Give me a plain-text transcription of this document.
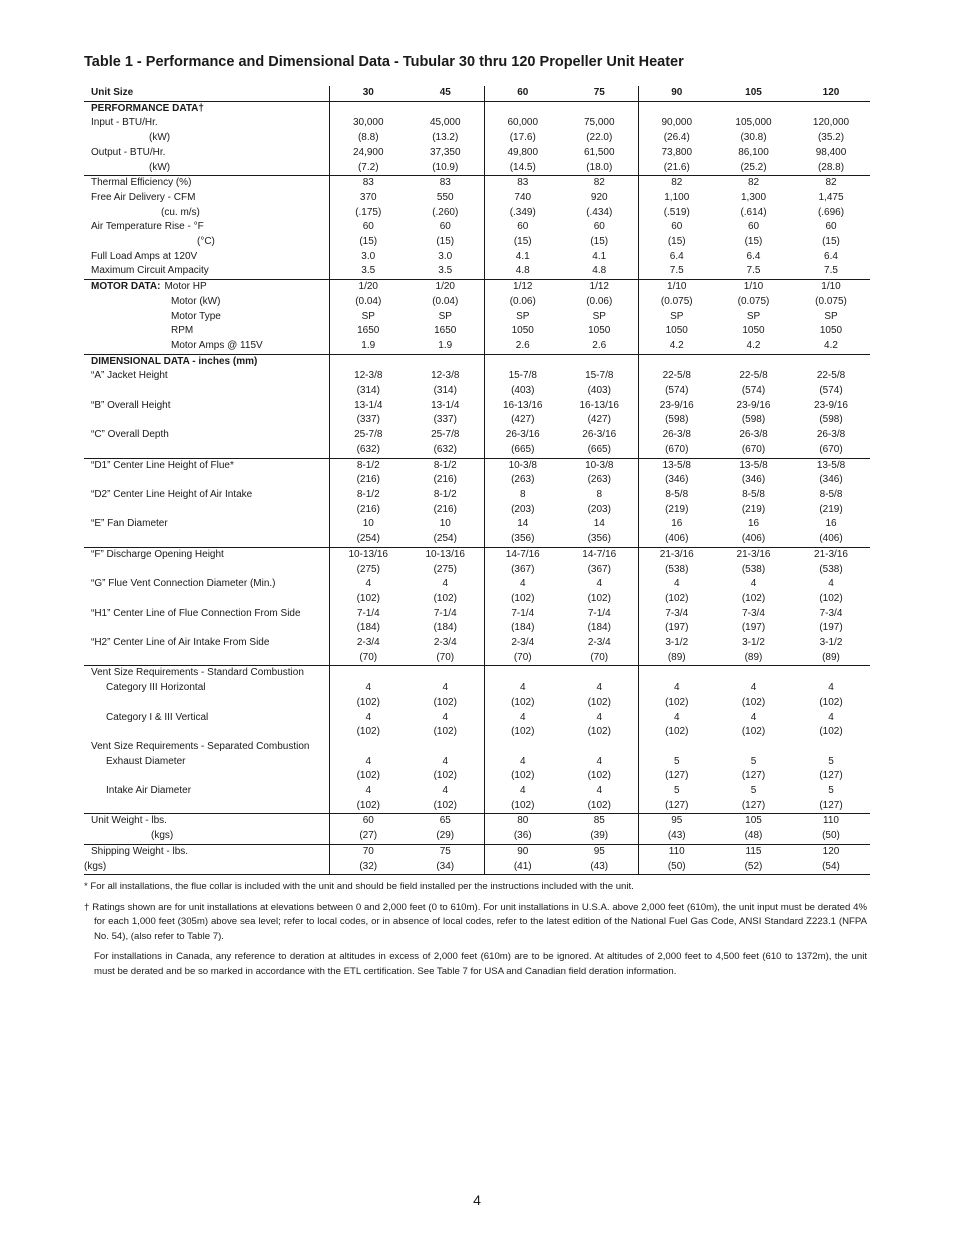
Table 1 - Performance and Dimensional Data - Tubular 30 thru 120 Propeller Unit Heater
Unit Size	30	45	60	75	90	105	120
PERFORMANCE DATA†							
Input - BTU/Hr.	30,000	45,000	60,000	75,000	90,000	105,000	120,000
(kW)	(8.8)	(13.2)	(17.6)	(22.0)	(26.4)	(30.8)	(35.2)
Output - BTU/Hr.	24,900	37,350	49,800	61,500	73,800	86,100	98,400
(kW)	(7.2)	(10.9)	(14.5)	(18.0)	(21.6)	(25.2)	(28.8)
Thermal Efficiency (%)	83	83	83	82	82	82	82
Free Air Delivery - CFM	370	550	740	920	1,100	1,300	1,475
(cu. m/s)	(.175)	(.260)	(.349)	(.434)	(.519)	(.614)	(.696)
Air Temperature Rise - °F	60	60	60	60	60	60	60
(°C)	(15)	(15)	(15)	(15)	(15)	(15)	(15)
Full Load Amps at 120V	3.0	3.0	4.1	4.1	6.4	6.4	6.4
Maximum Circuit Ampacity	3.5	3.5	4.8	4.8	7.5	7.5	7.5
MOTOR DATA: Motor HP	1/20	1/20	1/12	1/12	1/10	1/10	1/10
Motor (kW)	(0.04)	(0.04)	(0.06)	(0.06)	(0.075)	(0.075)	(0.075)
Motor Type	SP	SP	SP	SP	SP	SP	SP
RPM	1650	1650	1050	1050	1050	1050	1050
Motor Amps @ 115V	1.9	1.9	2.6	2.6	4.2	4.2	4.2
DIMENSIONAL DATA - inches (mm)							
“A” Jacket Height	12-3/8	12-3/8	15-7/8	15-7/8	22-5/8	22-5/8	22-5/8
	(314)	(314)	(403)	(403)	(574)	(574)	(574)
“B” Overall Height	13-1/4	13-1/4	16-13/16	16-13/16	23-9/16	23-9/16	23-9/16
	(337)	(337)	(427)	(427)	(598)	(598)	(598)
“C” Overall Depth	25-7/8	25-7/8	26-3/16	26-3/16	26-3/8	26-3/8	26-3/8
	(632)	(632)	(665)	(665)	(670)	(670)	(670)
“D1” Center Line Height of Flue*	8-1/2	8-1/2	10-3/8	10-3/8	13-5/8	13-5/8	13-5/8
	(216)	(216)	(263)	(263)	(346)	(346)	(346)
“D2” Center Line Height of Air Intake	8-1/2	8-1/2	8	8	8-5/8	8-5/8	8-5/8
	(216)	(216)	(203)	(203)	(219)	(219)	(219)
“E” Fan Diameter	10	10	14	14	16	16	16
	(254)	(254)	(356)	(356)	(406)	(406)	(406)
“F” Discharge Opening Height	10-13/16	10-13/16	14-7/16	14-7/16	21-3/16	21-3/16	21-3/16
	(275)	(275)	(367)	(367)	(538)	(538)	(538)
“G” Flue Vent Connection Diameter (Min.)	4	4	4	4	4	4	4
	(102)	(102)	(102)	(102)	(102)	(102)	(102)
“H1” Center Line of Flue Connection From Side	7-1/4	7-1/4	7-1/4	7-1/4	7-3/4	7-3/4	7-3/4
	(184)	(184)	(184)	(184)	(197)	(197)	(197)
“H2” Center Line of Air Intake From Side	2-3/4	2-3/4	2-3/4	2-3/4	3-1/2	3-1/2	3-1/2
	(70)	(70)	(70)	(70)	(89)	(89)	(89)
Vent Size Requirements - Standard Combustion							
Category III Horizontal	4	4	4	4	4	4	4
	(102)	(102)	(102)	(102)	(102)	(102)	(102)
Category I & III Vertical	4	4	4	4	4	4	4
	(102)	(102)	(102)	(102)	(102)	(102)	(102)
Vent Size Requirements - Separated Combustion							
Exhaust Diameter	4	4	4	4	5	5	5
	(102)	(102)	(102)	(102)	(127)	(127)	(127)
Intake Air Diameter	4	4	4	4	5	5	5
	(102)	(102)	(102)	(102)	(127)	(127)	(127)
Unit Weight - lbs.	60	65	80	85	95	105	110
(kgs)	(27)	(29)	(36)	(39)	(43)	(48)	(50)
Shipping Weight - lbs.	70	75	90	95	110	115	120
(kgs)	(32)	(34)	(41)	(43)	(50)	(52)	(54)

* For all installations, the flue collar is included with the unit and should be field installed per the instructions included with the unit.

† Ratings shown are for unit installations at elevations between 0 and 2,000 feet (0 to 610m). For unit installations in U.S.A. above 2,000 feet (610m), the unit input must be derated 4% for each 1,000 feet (305m) above sea level; refer to local codes, or in absence of local codes, refer to the latest edition of the National Fuel Gas Code, ANSI Standard Z223.1 (NFPA No. 54), (also refer to Table 7).

For installations in Canada, any reference to deration at altitudes in excess of 2,000 feet (610m) are to be ignored. At altitudes of 2,000 feet to 4,500 feet (610 to 1372m), the unit must be derated and be so marked in accordance with the ETL certification. See Table 7 for USA and Canadian field deration information.

4
